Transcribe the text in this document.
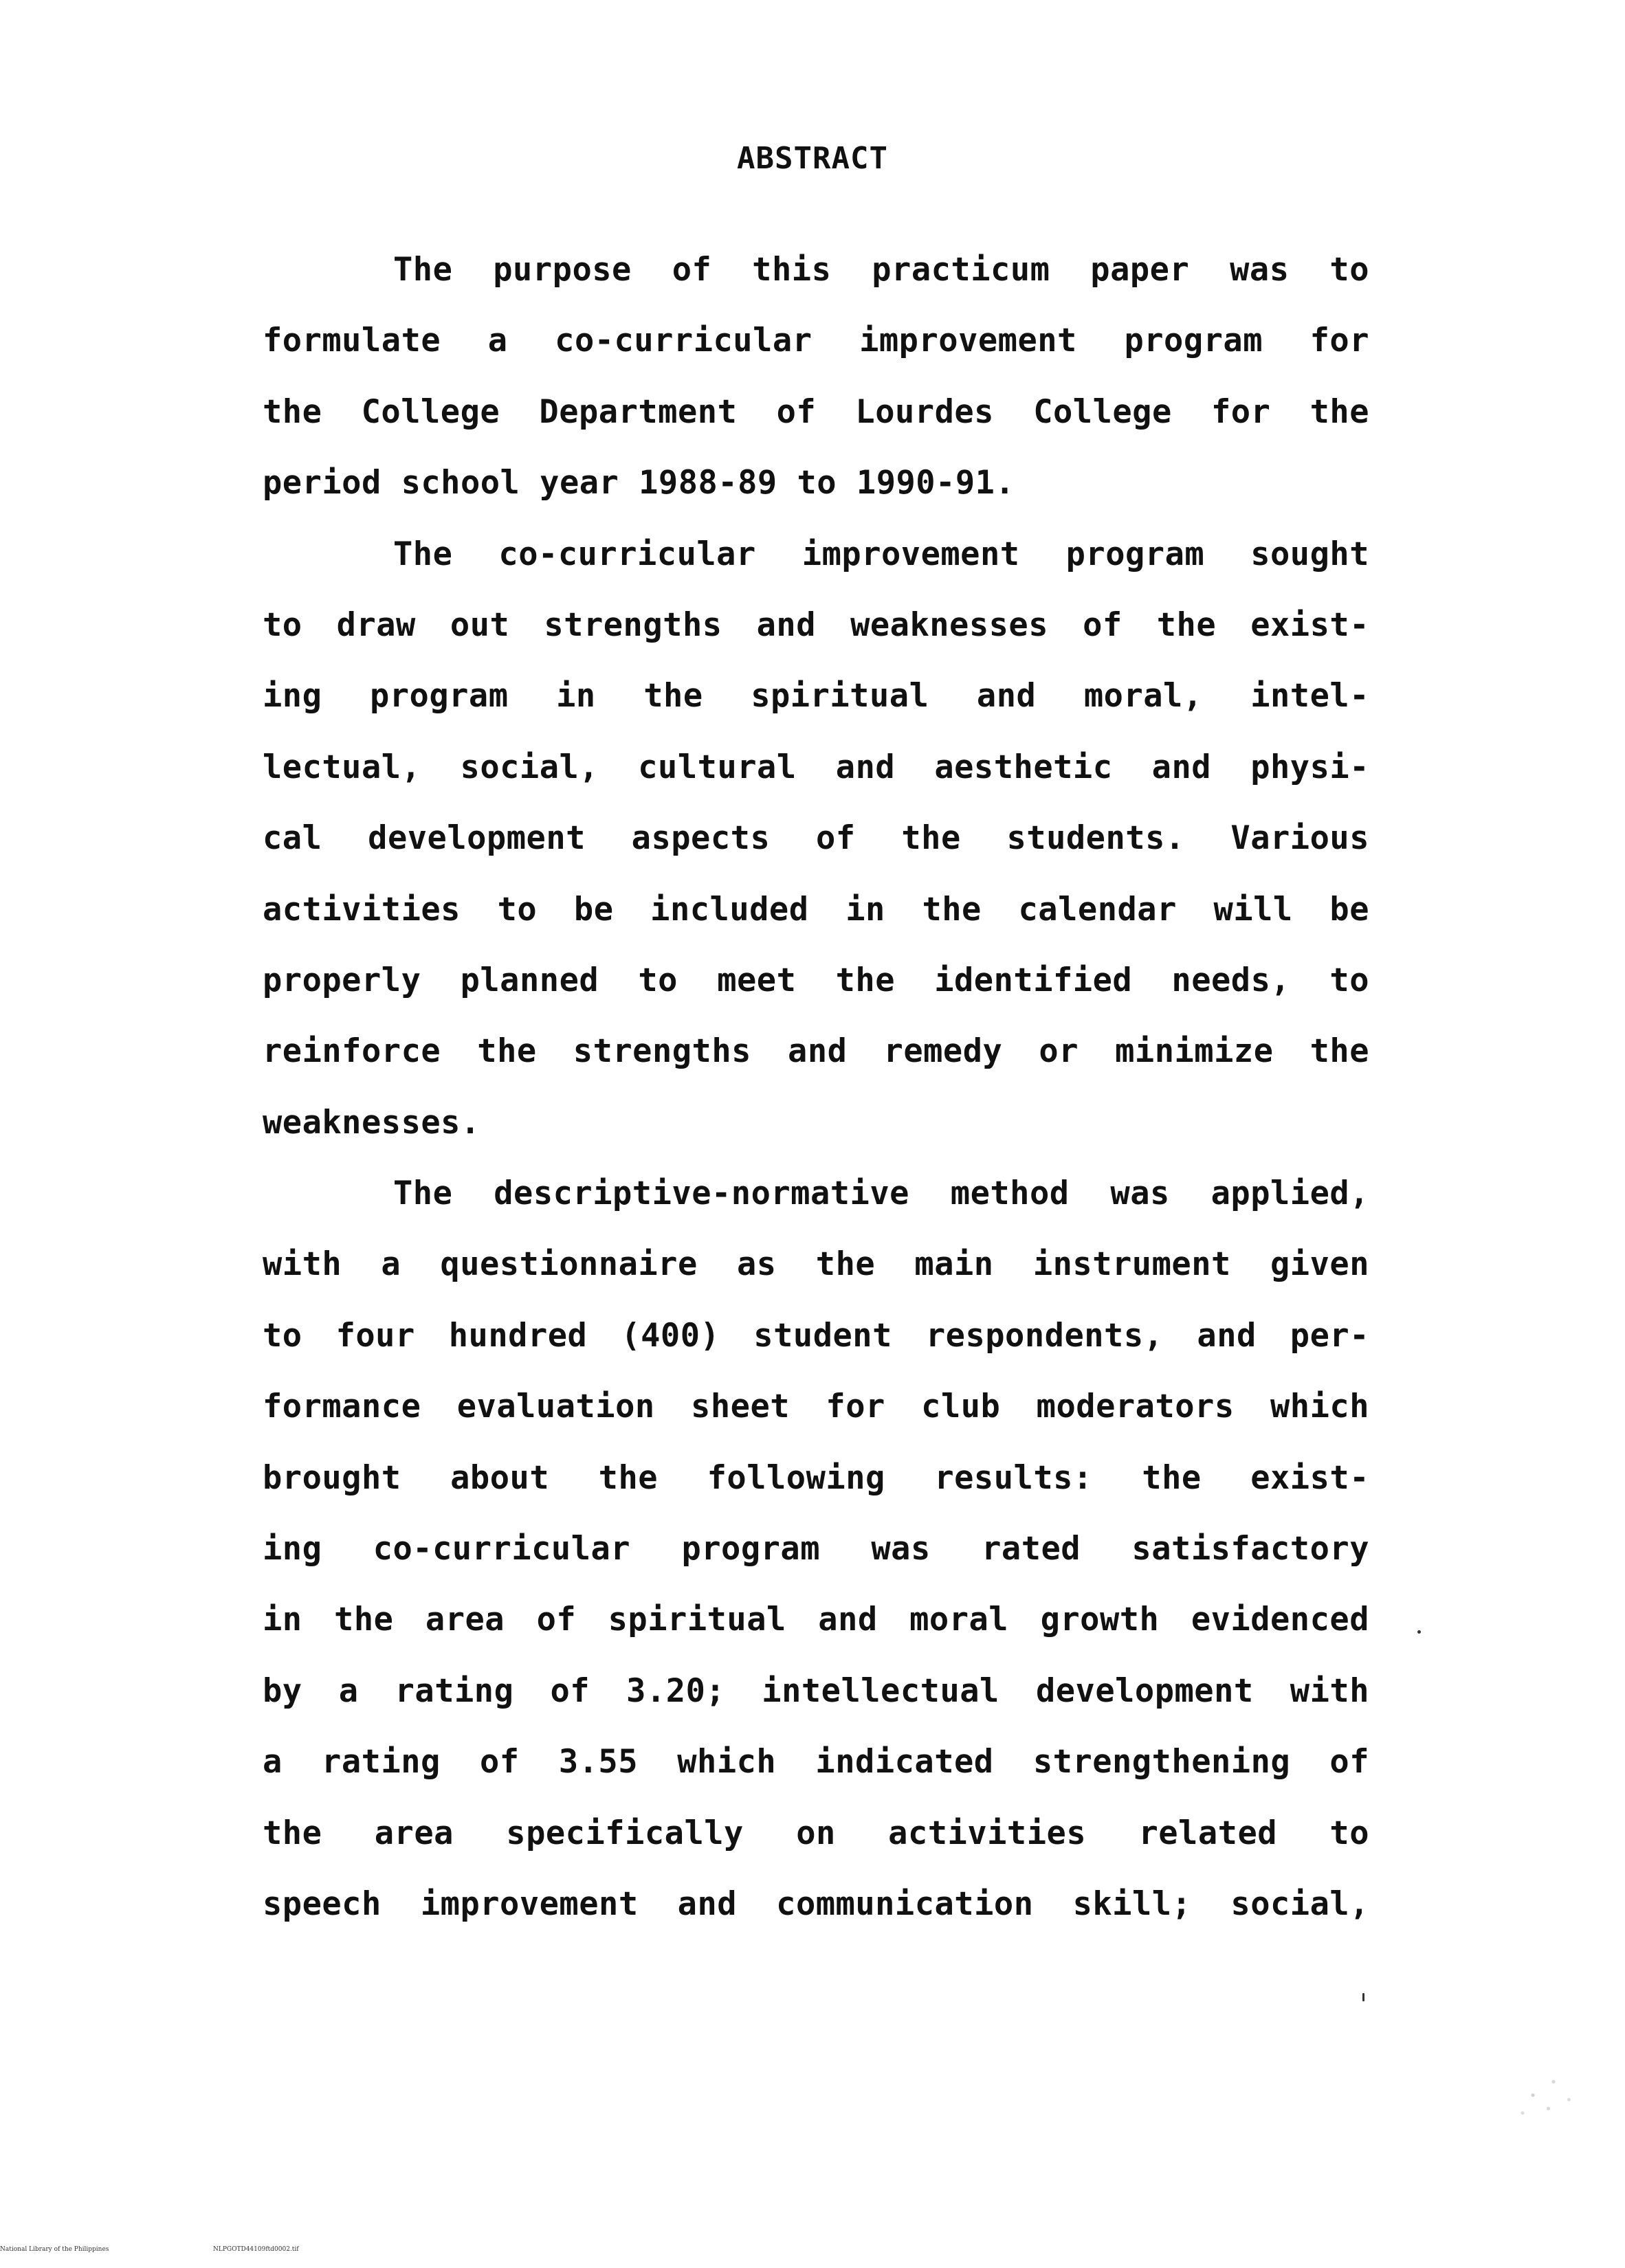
ABSTRACT
The purpose of this practicum paper was to
formulate a co-curricular improvement program for
the College Department of Lourdes College for the
period school year 1988-89 to 1990-91.
The co-curricular improvement program sought
to draw out strengths and weaknesses of the exist-
ing program in the spiritual and moral, intel-
lectual, social, cultural and aesthetic and physi-
cal development aspects of the students. Various
activities to be included in the calendar will be
properly planned to meet the identified needs, to
reinforce the strengths and remedy or minimize the
weaknesses.
The descriptive-normative method was applied,
with a questionnaire as the main instrument given
to four hundred (400) student respondents, and per-
formance evaluation sheet for club moderators which
brought about the following results: the exist-
ing co-curricular program was rated satisfactory
in the area of spiritual and moral growth evidenced
by a rating of 3.20; intellectual development with
a rating of 3.55 which indicated strengthening of
the area specifically on activities related to
speech improvement and communication skill; social,
National Library of the Philippines	NLPGOTD44109ftd0002.tif
